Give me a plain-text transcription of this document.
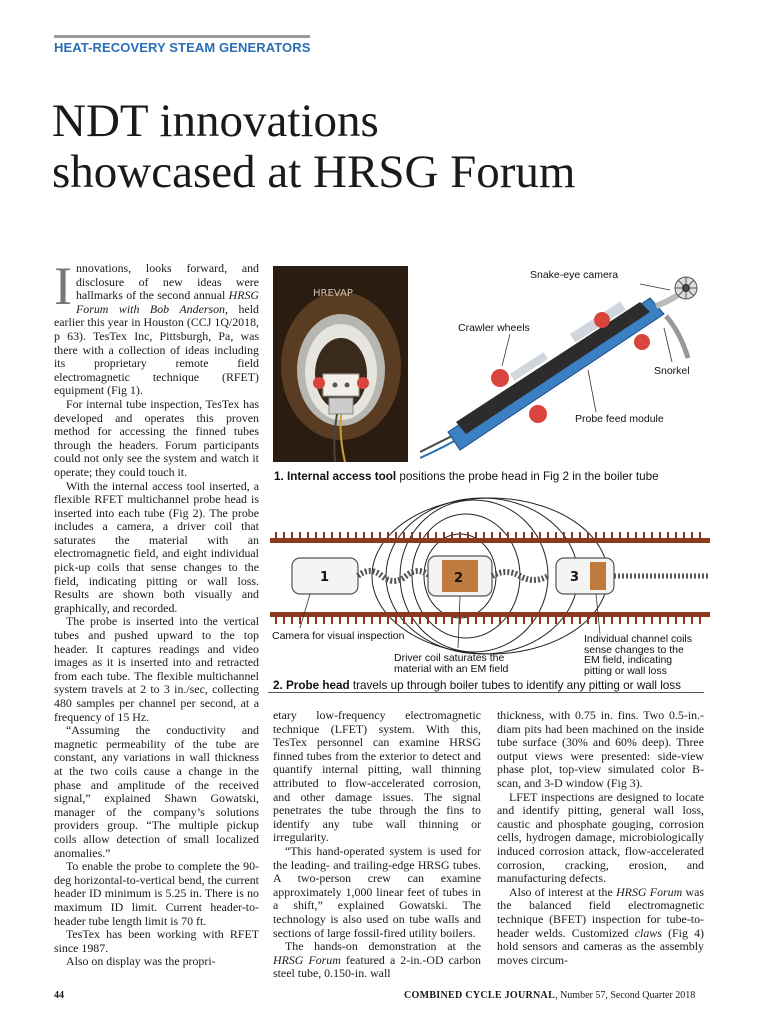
HEAT-RECOVERY STEAM GENERATORS
NDT innovations
showcased at HRSG Forum

Innovations, looks forward, and disclosure of new ideas were hallmarks of the second annual HRSG Forum with Bob Anderson, held earlier this year in Houston (CCJ 1Q/2018, p 63). TesTex Inc, Pittsburgh, Pa, was there with a collection of ideas including its proprietary remote field electromagnetic technique (RFET) equipment (Fig 1).

For internal tube inspection, TesTex has developed and operates this proven method for accessing the finned tubes through the headers. Forum participants could not only see the system and watch it operate; they could touch it.

With the internal access tool inserted, a flexible RFET multichannel probe head is inserted into each tube (Fig 2). The probe includes a camera, a driver coil that saturates the material with an electromagnetic field, and eight individual pick-up coils that sense changes to the field, indicating pitting or wall loss. Results are shown both visually and graphically, and recorded.

The probe is inserted into the vertical tubes and pushed upward to the top header. It captures readings and video images as it is inserted into and retracted from each tube. The flexible multichannel system travels at 2 to 3 in./sec, collecting 480 samples per channel per second, at a frequency of 15 Hz.

“Assuming the conductivity and magnetic permeability of the tube are constant, any variations in wall thickness at the two coils cause a change in the phase and amplitude of the received signal,” explained Shawn Gowatski, manager of the company’s solutions providers group. “The multiple pickup coils allow detection of small localized anomalies.”

To enable the probe to complete the 90-deg horizontal-to-vertical bend, the current header ID minimum is 5.25 in. There is no maximum ID limit. Current header-to-header tube length limit is 70 ft.

TesTex has been working with RFET since 1987.

Also on display was the propri-

HREVAP
Snake-eye camera
Crawler wheels
Snorkel
Probe feed module
1. Internal access tool positions the probe head in Fig 2 in the boiler tube
1	2	3
Camera for visual inspection
Driver coil saturates the
material with an EM field
Individual channel coils
sense changes to the
EM field, indicating
pitting or wall loss
2. Probe head travels up through boiler tubes to identify any pitting or wall loss

etary low-frequency electromagnetic technique (LFET) system. With this, TesTex personnel can examine HRSG finned tubes from the exterior to detect and quantify internal pitting, wall thinning attributed to flow-accelerated corrosion, and other damage issues. The signal penetrates the tube through the fins to identify any tube wall thinning or irregularity.

“This hand-operated system is used for the leading- and trailing-edge HRSG tubes. A two-person crew can examine approximately 1,000 linear feet of tubes in a shift,” explained Gowatski. The technology is also used on tube walls and sections of large fossil-fired utility boilers.

The hands-on demonstration at the HRSG Forum featured a 2-in.-OD carbon steel tube, 0.150-in. wall

thickness, with 0.75 in. fins. Two 0.5-in.-diam pits had been machined on the inside tube surface (30% and 60% deep). Three output views were presented: side-view phase plot, top-view simulated color B-scan, and 3-D window (Fig 3).

LFET inspections are designed to locate and identify pitting, general wall loss, caustic and phosphate gouging, corrosion cells, hydrogen damage, microbiologically induced corrosion attack, flow-accelerated corrosion, cracking, erosion, and manufacturing defects.

Also of interest at the HRSG Forum was the balanced field electromagnetic technique (BFET) inspection for tube-to-header welds. Customized claws (Fig 4) hold sensors and cameras as the assembly moves circum-

44	COMBINED CYCLE JOURNAL, Number 57, Second Quarter 2018
